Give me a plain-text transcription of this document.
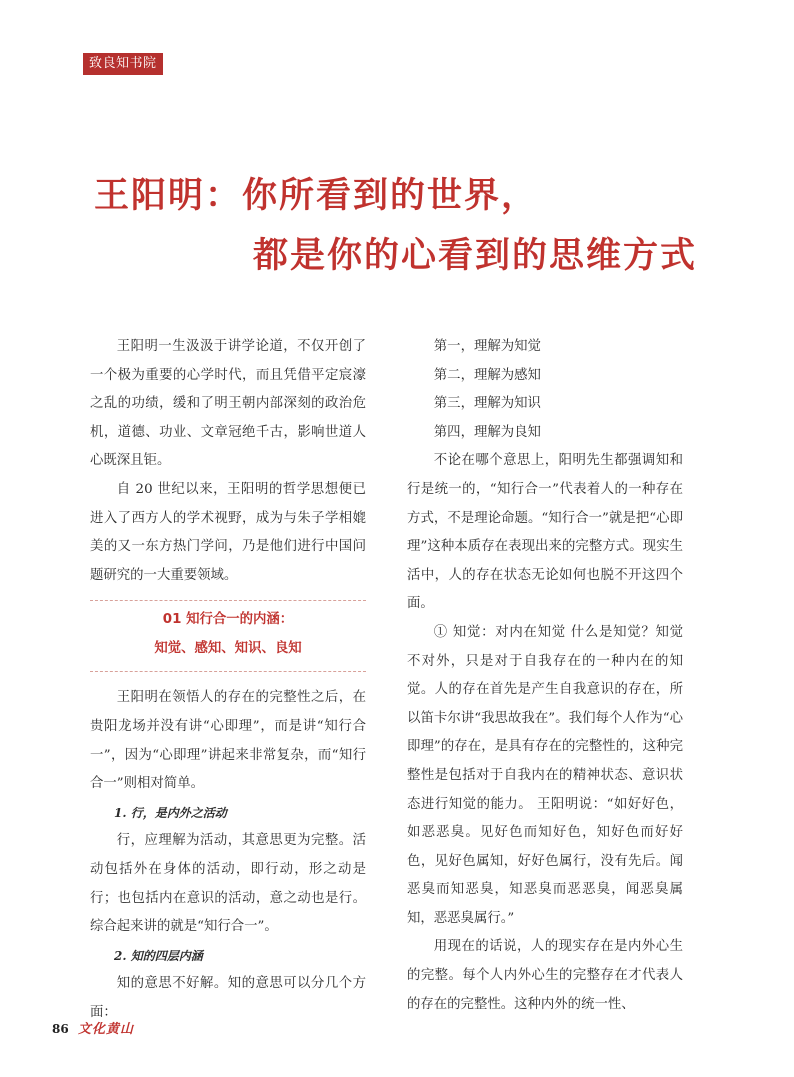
致良知书院
王阳明：你所看到的世界，
都是你的心看到的思维方式

王阳明一生汲汲于讲学论道，不仅开创了一个极为重要的心学时代，而且凭借平定宸濠之乱的功绩，缓和了明王朝内部深刻的政治危机，道德、功业、文章冠绝千古，影响世道人心既深且钜。

自 20 世纪以来，王阳明的哲学思想便已进入了西方人的学术视野，成为与朱子学相媲美的又一东方热门学问，乃是他们进行中国问题研究的一大重要领域。

01 知行合一的内涵：
知觉、感知、知识、良知

王阳明在领悟人的存在的完整性之后，在贵阳龙场并没有讲“心即理”，而是讲“知行合一”，因为“心即理”讲起来非常复杂，而“知行合一”则相对简单。

1. 行，是内外之活动

行，应理解为活动，其意思更为完整。活动包括外在身体的活动，即行动，形之动是行；也包括内在意识的活动，意之动也是行。综合起来讲的就是“知行合一”。

2. 知的四层内涵

知的意思不好解。知的意思可以分几个方面：

第一，理解为知觉

第二，理解为感知

第三，理解为知识

第四，理解为良知

不论在哪个意思上，阳明先生都强调知和行是统一的，“知行合一”代表着人的一种存在方式，不是理论命题。“知行合一”就是把“心即理”这种本质存在表现出来的完整方式。现实生活中，人的存在状态无论如何也脱不开这四个面。

① 知觉：对内在知觉 什么是知觉？知觉不对外，只是对于自我存在的一种内在的知觉。人的存在首先是产生自我意识的存在，所以笛卡尔讲“我思故我在”。我们每个人作为“心即理”的存在，是具有存在的完整性的，这种完整性是包括对于自我内在的精神状态、意识状态进行知觉的能力。 王阳明说：“如好好色，如恶恶臭。见好色而知好色，知好色而好好色，见好色属知，好好色属行，没有先后。闻恶臭而知恶臭，知恶臭而恶恶臭，闻恶臭属知，恶恶臭属行。”

用现在的话说，人的现实存在是内外心生的完整。每个人内外心生的完整存在才代表人的存在的完整性。这种内外的统一性、

86 文化黄山
